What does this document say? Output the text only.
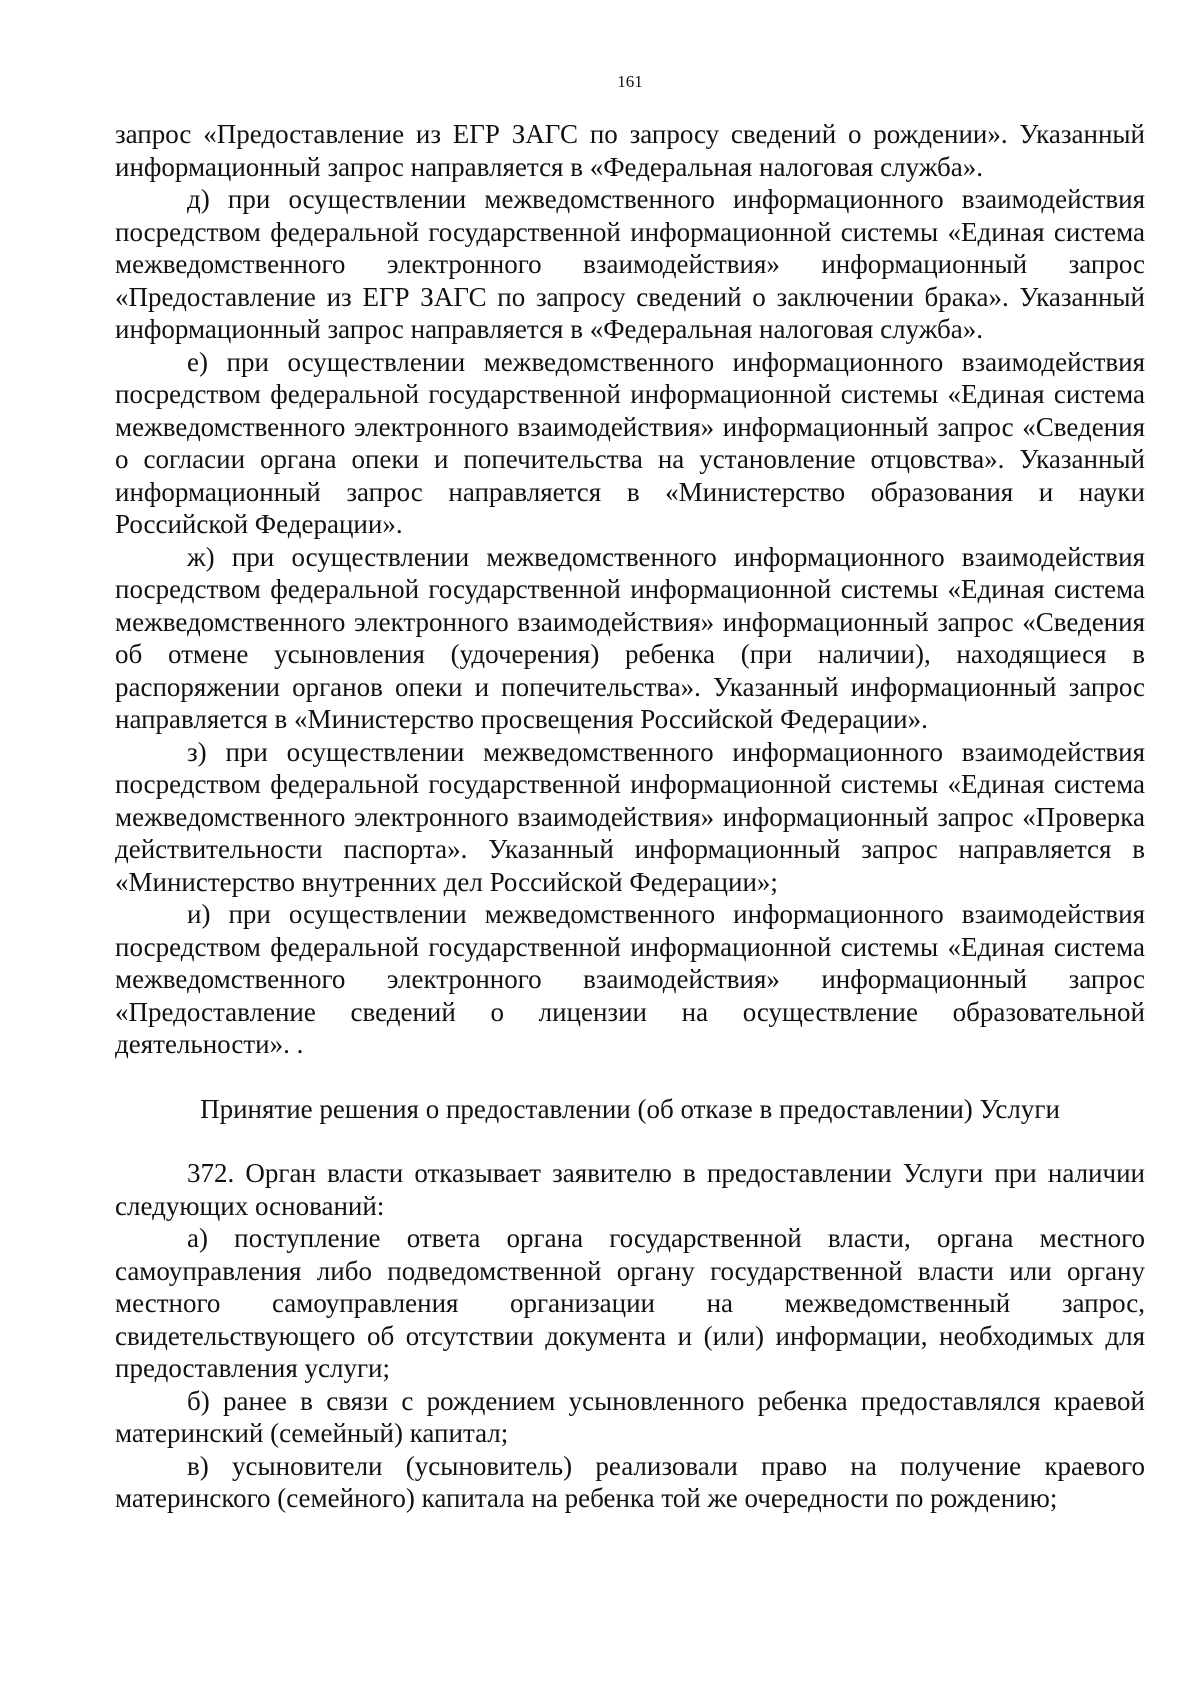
161

запрос «Предоставление из ЕГР ЗАГС по запросу сведений о рождении». Указанный информационный запрос направляется в «Федеральная налоговая служба».

д) при осуществлении межведомственного информационного взаимодействия посредством федеральной государственной информационной системы «Единая система межведомственного электронного взаимодействия» информационный запрос «Предоставление из ЕГР ЗАГС по запросу сведений о заключении брака». Указанный информационный запрос направляется в «Федеральная налоговая служба».

е) при осуществлении межведомственного информационного взаимодействия посредством федеральной государственной информационной системы «Единая система межведомственного электронного взаимодействия» информационный запрос «Сведения о согласии органа опеки и попечительства на установление отцовства». Указанный информационный запрос направляется в «Министерство образования и науки Российской Федерации».

ж) при осуществлении межведомственного информационного взаимодействия посредством федеральной государственной информационной системы «Единая система межведомственного электронного взаимодействия» информационный запрос «Сведения об отмене усыновления (удочерения) ребенка (при наличии), находящиеся в распоряжении органов опеки и попечительства». Указанный информационный запрос направляется в «Министерство просвещения Российской Федерации».

з) при осуществлении межведомственного информационного взаимодействия посредством федеральной государственной информационной системы «Единая система межведомственного электронного взаимодействия» информационный запрос «Проверка действительности паспорта». Указанный информационный запрос направляется в «Министерство внутренних дел Российской Федерации»;

и) при осуществлении межведомственного информационного взаимодействия посредством федеральной государственной информационной системы «Единая система межведомственного электронного взаимодействия» информационный запрос «Предоставление сведений о лицензии на осуществление образовательной деятельности». .

Принятие решения о предоставлении (об отказе в предоставлении) Услуги

372. Орган власти отказывает заявителю в предоставлении Услуги при наличии следующих оснований:

а) поступление ответа органа государственной власти, органа местного самоуправления либо подведомственной органу государственной власти или органу местного самоуправления организации на межведомственный запрос, свидетельствующего об отсутствии документа и (или) информации, необходимых для предоставления услуги;

б) ранее в связи с рождением усыновленного ребенка предоставлялся краевой материнский (семейный) капитал;

в) усыновители (усыновитель) реализовали право на получение краевого материнского (семейного) капитала на ребенка той же очередности по рождению;
